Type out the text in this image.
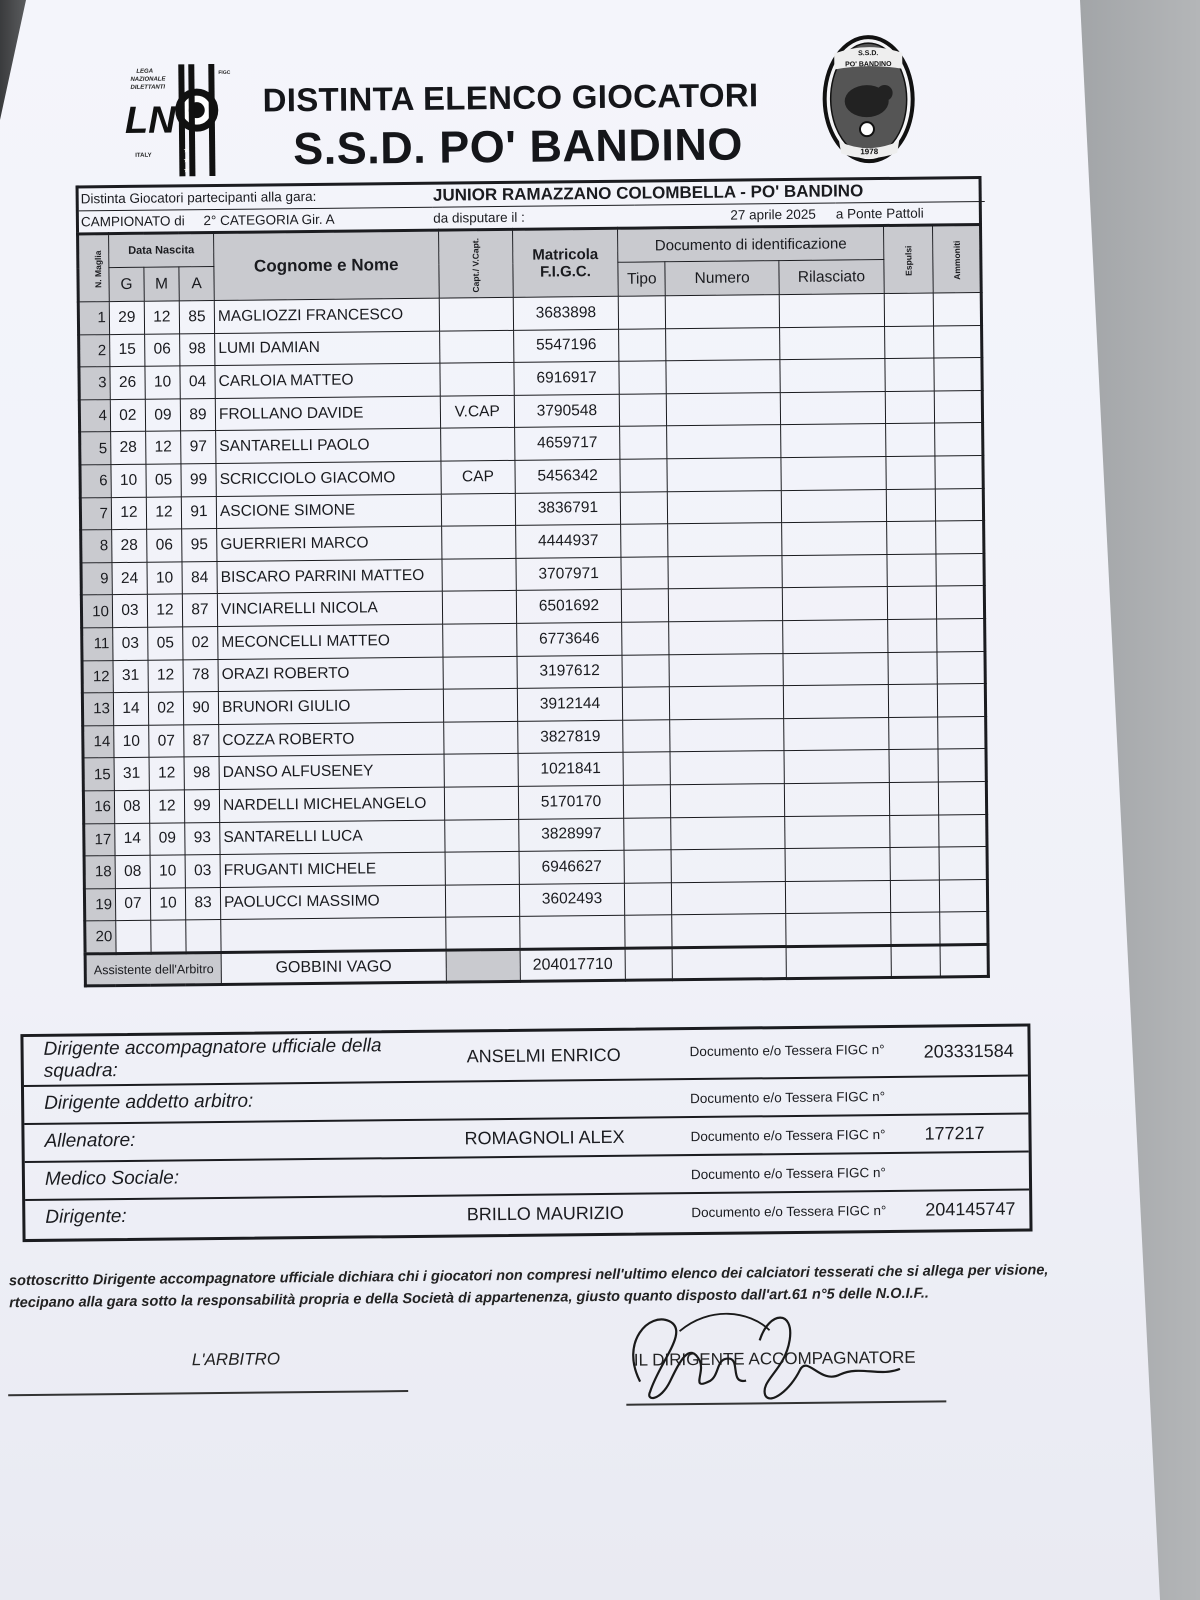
LEGA
NAZIONALE
DILETTANTI
LN
★
★
★
ITALY
FIGC
DISTINTA ELENCO GIOCATORI
S.S.D. PO' BANDINO
S.S.D.
PO' BANDINO
1978
Distinta Giocatori partecipanti alla gara:	JUNIOR RAMAZZANO COLOMBELLA - PO' BANDINO		
CAMPIONATO di 2° CATEGORIA Gir. A	da disputare il :	27 aprile 2025	a Ponte Pattoli
N. Maglia	Data Nascita			Cognome e Nome	Capt./ V.Capt.	Matricola
F.I.G.C.	Documento di identificazione			Espulsi	Ammoniti
	G	M	A				Tipo	Numero	Rilasciato		
1	29	12	85	MAGLIOZZI FRANCESCO		3683898					
2	15	06	98	LUMI DAMIAN		5547196					
3	26	10	04	CARLOIA MATTEO		6916917					
4	02	09	89	FROLLANO DAVIDE	V.CAP	3790548					
5	28	12	97	SANTARELLI PAOLO		4659717					
6	10	05	99	SCRICCIOLO GIACOMO	CAP	5456342					
7	12	12	91	ASCIONE SIMONE		3836791					
8	28	06	95	GUERRIERI MARCO		4444937					
9	24	10	84	BISCARO PARRINI MATTEO		3707971					
10	03	12	87	VINCIARELLI NICOLA		6501692					
11	03	05	02	MECONCELLI MATTEO		6773646					
12	31	12	78	ORAZI ROBERTO		3197612					
13	14	02	90	BRUNORI GIULIO		3912144					
14	10	07	87	COZZA ROBERTO		3827819					
15	31	12	98	DANSO ALFUSENEY		1021841					
16	08	12	99	NARDELLI MICHELANGELO		5170170					
17	14	09	93	SANTARELLI LUCA		3828997					
18	08	10	03	FRUGANTI MICHELE		6946627					
19	07	10	83	PAOLUCCI MASSIMO		3602493					
20											
Assistente dell'Arbitro				GOBBINI VAGO		204017710					
Dirigente accompagnatore ufficiale della squadra:
ANSELMI ENRICO	Documento e/o Tessera FIGC n° 203331584
Dirigente addetto arbitro:	Documento e/o Tessera FIGC n°
Allenatore:	ROMAGNOLI ALEX	Documento e/o Tessera FIGC n° 177217
Medico Sociale:	Documento e/o Tessera FIGC n°
Dirigente:	BRILLO MAURIZIO	Documento e/o Tessera FIGC n° 204145747
sottoscritto Dirigente accompagnatore ufficiale dichiara chi i giocatori non compresi nell'ultimo elenco dei calciatori tesserati che si allega per visione,
rtecipano alla gara sotto la responsabilità propria e della Società di appartenenza, giusto quanto disposto dall'art.61 n°5 delle N.O.I.F..
L'ARBITRO	IL DIRIGENTE ACCOMPAGNATORE
